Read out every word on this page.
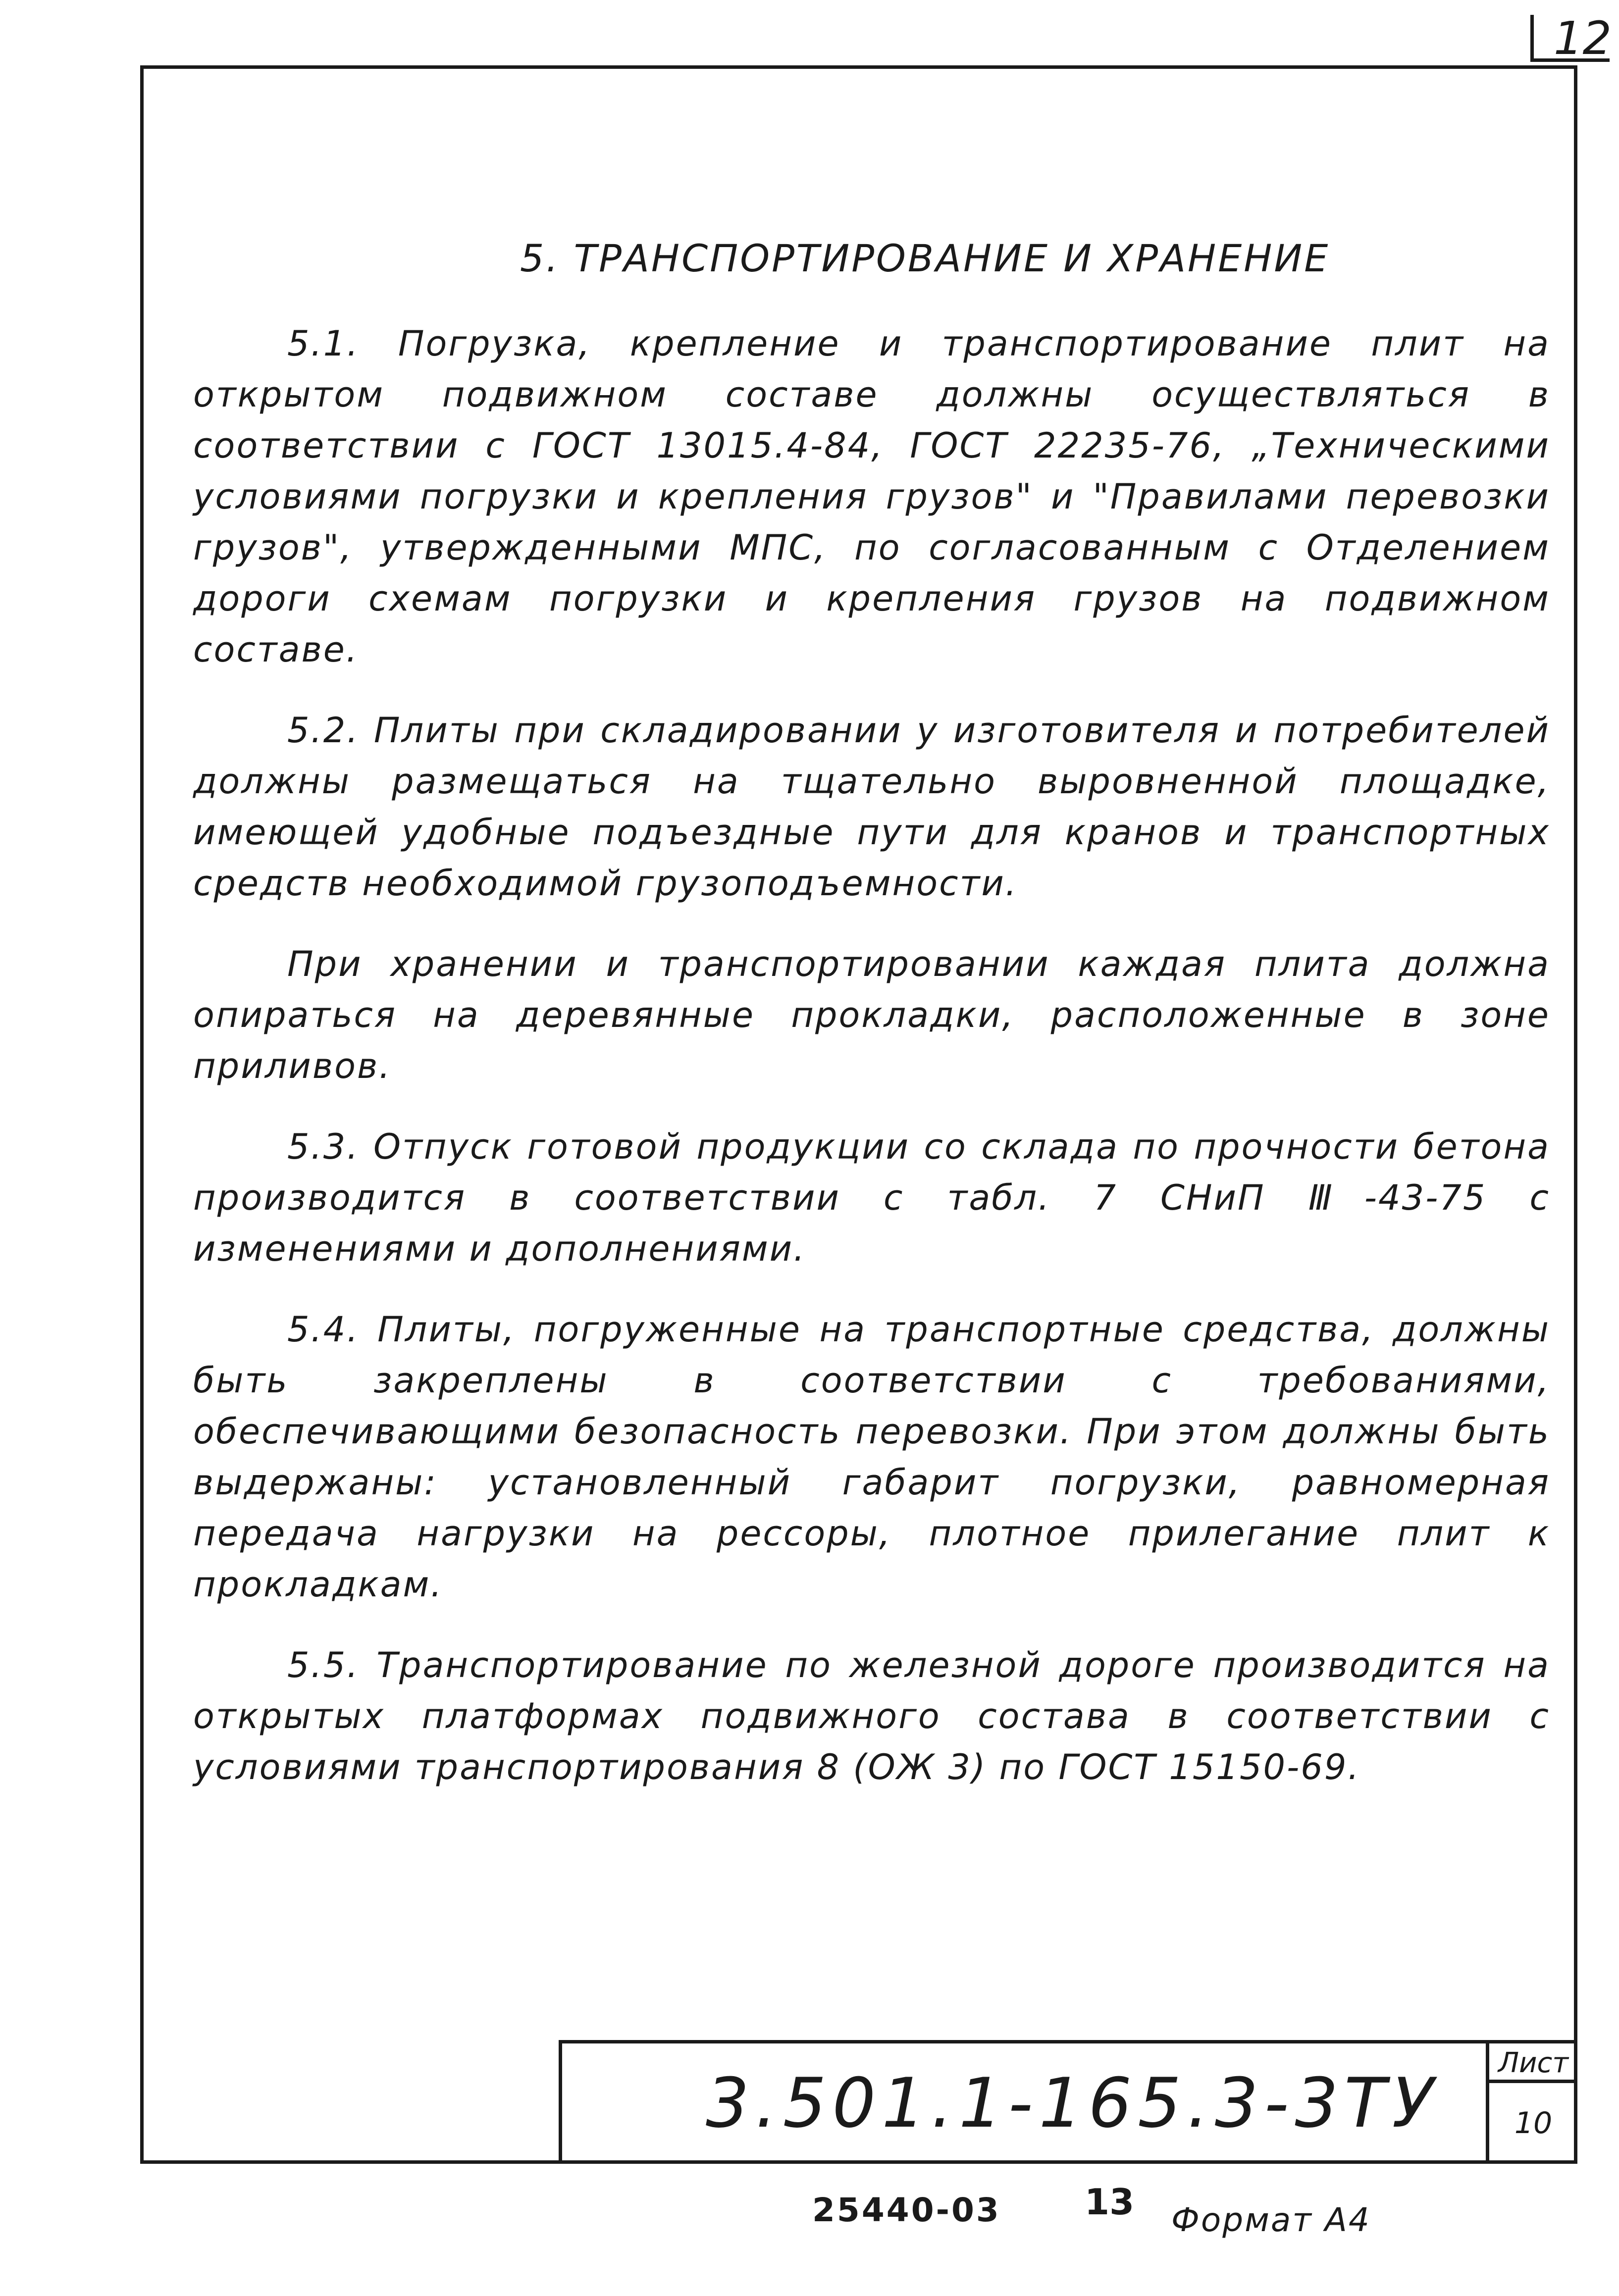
12
5. ТРАНСПОРТИРОВАНИЕ И ХРАНЕНИЕ

5.1. Погрузка, крепление и транспортирование плит на открытом подвижном составе должны осуществляться в соответствии с ГОСТ 13015.4-84, ГОСТ 22235-76, „Техническими условиями погрузки и крепления грузов" и "Правилами перевозки грузов", утвержденными МПС, по согласованным с Отделением дороги схемам погрузки и крепления грузов на подвижном составе.

5.2. Плиты при складировании у изготовителя и потребителей должны размещаться на тщательно выровненной площадке, имеющей удобные подъездные пути для кранов и транспортных средств необходимой грузоподъемности.

При хранении и транспортировании каждая плита должна опираться на деревянные прокладки, расположенные в зоне приливов.

5.3. Отпуск готовой продукции со склада по прочности бетона производится в соответствии с табл. 7 СНиП Ⅲ-43-75 с изменениями и дополнениями.

5.4. Плиты, погруженные на транспортные средства, должны быть закреплены в соответствии с требованиями, обеспечивающими безопасность перевозки. При этом должны быть выдержаны: установленный габарит погрузки, равномерная передача нагрузки на рессоры, плотное прилегание плит к прокладкам.

5.5. Транспортирование по железной дороге производится на открытых платформах подвижного состава в соответствии с условиями транспортирования 8 (ОЖ 3) по ГОСТ 15150-69.

3.501.1-165.3-3ТУ
Лист
10
25440-03 13 Формат А4
